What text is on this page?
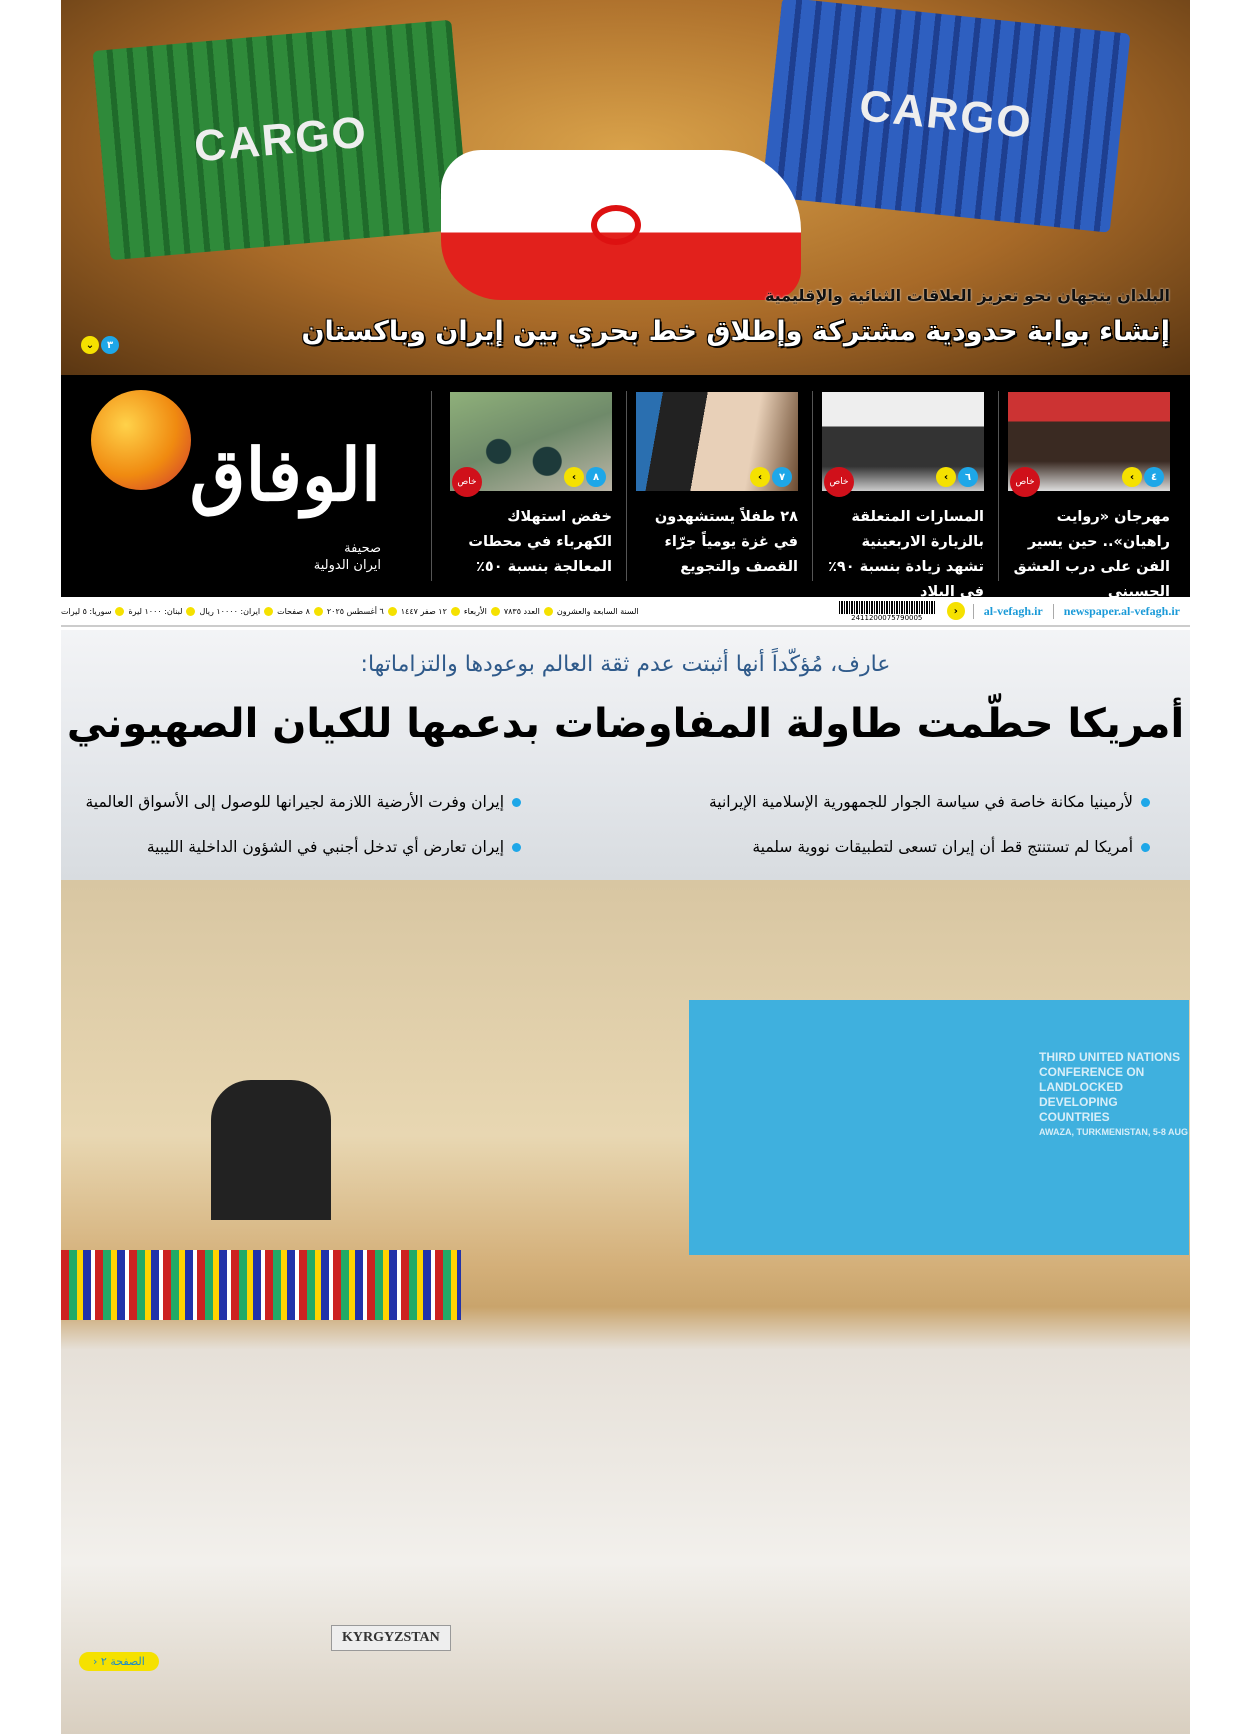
CARGO	CARGO
البلدان يتجهان نحو تعزيز العلاقات الثنائية والإقليمية
إنشاء بوابة حدودية مشتركة وإطلاق خط بحري بين إيران وباكستان
⌄	٣
الوفاق
صحيفة
ايران الدولية
‹	٨
خاص
خفض استهلاك الكهرباء في محطات المعالجة بنسبة ٥٠٪
‹	٧
٢٨ طفلاً يستشهدون في غزة يومياً جرّاء القصف والتجويع
‹	٦
خاص
المسارات المتعلقة بالزيارة الاربعينية تشهد زيادة بنسبة ٩٠٪ في البلاد
‹	٤
خاص
مهرجان «روايت راهيان».. حين يسير الفن على درب العشق الحسيني
السنة السابعة والعشرون
العدد ٧٨٣٥
الأربعاء
١٢ صفر ١٤٤٧
٦ أغسطس ٢٠٢٥
٨ صفحات
ايران: ١٠٠٠٠ ريال
لبنان: ١٠٠٠ ليرة
سوريا: ٥ ليرات
2411200075790005
›	al-vefagh.ir	newspaper.al-vefagh.ir
عارف، مُؤكّداً أنها أثبتت عدم ثقة العالم بوعودها والتزاماتها:
أمريكا حطّمت طاولة المفاوضات بدعمها للكيان الصهيوني
لأرمينيا مكانة خاصة في سياسة الجوار للجمهورية الإسلامية الإيرانية
أمريكا لم تستنتج قط أن إيران تسعى لتطبيقات نووية سلمية
إيران وفرت الأرضية اللازمة لجيرانها للوصول إلى الأسواق العالمية
إيران تعارض أي تدخل أجنبي في الشؤون الداخلية الليبية
THIRD UNITED NATIONS CONFERENCE ON LANDLOCKED DEVELOPING COUNTRIES
AWAZA, TURKMENISTAN, 5-8 AUG
KYRGYZSTAN
الصفحة ٢ ‹
